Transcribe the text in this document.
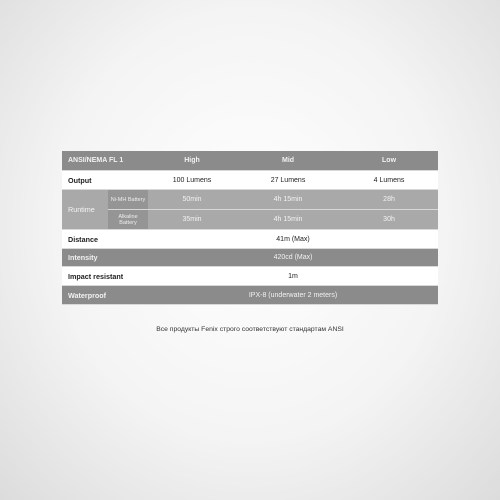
ANSI/NEMA FL 1		High	Mid	Low
Output		100 Lumens	27 Lumens	4 Lumens
Runtime	Ni-MH Battery	50min	4h 15min	28h
	Alkaline Battery	35min	4h 15min	30h
Distance		41m (Max)		
Intensity		420cd (Max)		
Impact resistant		1m		
Waterproof		IPX-8 (underwater 2 meters)		
Все продукты Fenix строго соответствуют стандартам ANSI
